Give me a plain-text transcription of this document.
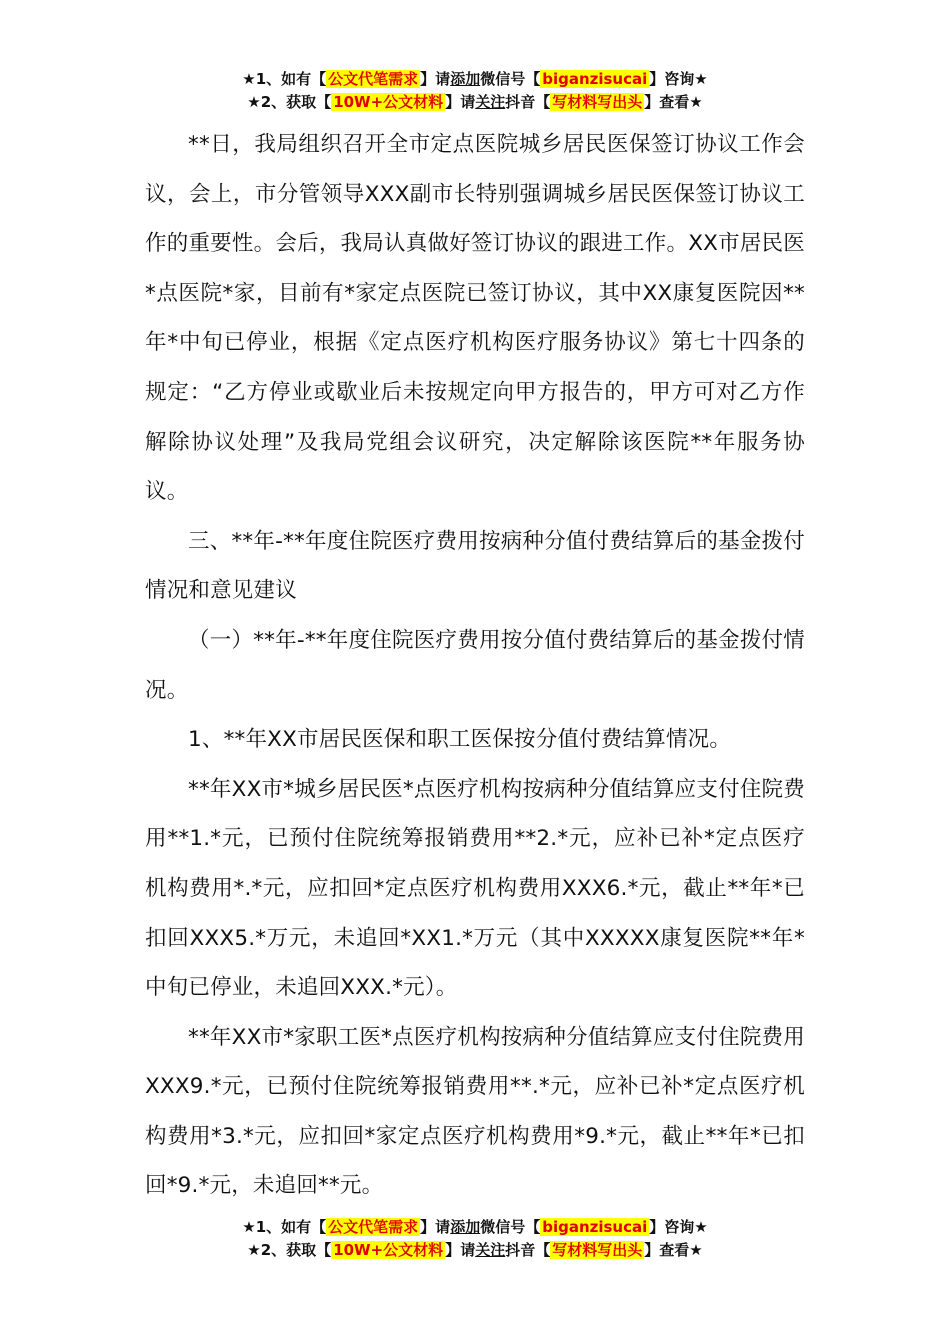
★1、如有【 公文代笔需求 】请添加微信号【 biganzisucai 】咨询★
★2、获取【 10W+公文材料 】请关注抖音【 写材料写出头 】查看★

**日，我局组织召开全市定点医院城乡居民医保签订协议工作会议，会上，市分管领导XXX副市长特别强调城乡居民医保签订协议工作的重要性。会后，我局认真做好签订协议的跟进工作。XX市居民医*点医院*家，目前有*家定点医院已签订协议，其中XX康复医院因**年*中旬已停业，根据《定点医疗机构医疗服务协议》第七十四条的规定：“乙方停业或歇业后未按规定向甲方报告的，甲方可对乙方作解除协议处理”及我局党组会议研究，决定解除该医院**年服务协议。

三、**年-**年度住院医疗费用按病种分值付费结算后的基金拨付情况和意见建议

（一）**年-**年度住院医疗费用按分值付费结算后的基金拨付情况。

1、**年XX市居民医保和职工医保按分值付费结算情况。

**年XX市*城乡居民医*点医疗机构按病种分值结算应支付住院费用**1.*元，已预付住院统筹报销费用**2.*元，应补已补*定点医疗机构费用*.*元，应扣回*定点医疗机构费用XXX6.*元，截止**年*已扣回XXX5.*万元，未追回*XX1.*万元（其中XXXXX康复医院**年*中旬已停业，未追回XXX.*元）。

**年XX市*家职工医*点医疗机构按病种分值结算应支付住院费用XXX9.*元，已预付住院统筹报销费用**.*元，应补已补*定点医疗机构费用*3.*元，应扣回*家定点医疗机构费用*9.*元，截止**年*已扣回*9.*元，未追回**元。

★1、如有【 公文代笔需求 】请添加微信号【 biganzisucai 】咨询★
★2、获取【 10W+公文材料 】请关注抖音【 写材料写出头 】查看★
